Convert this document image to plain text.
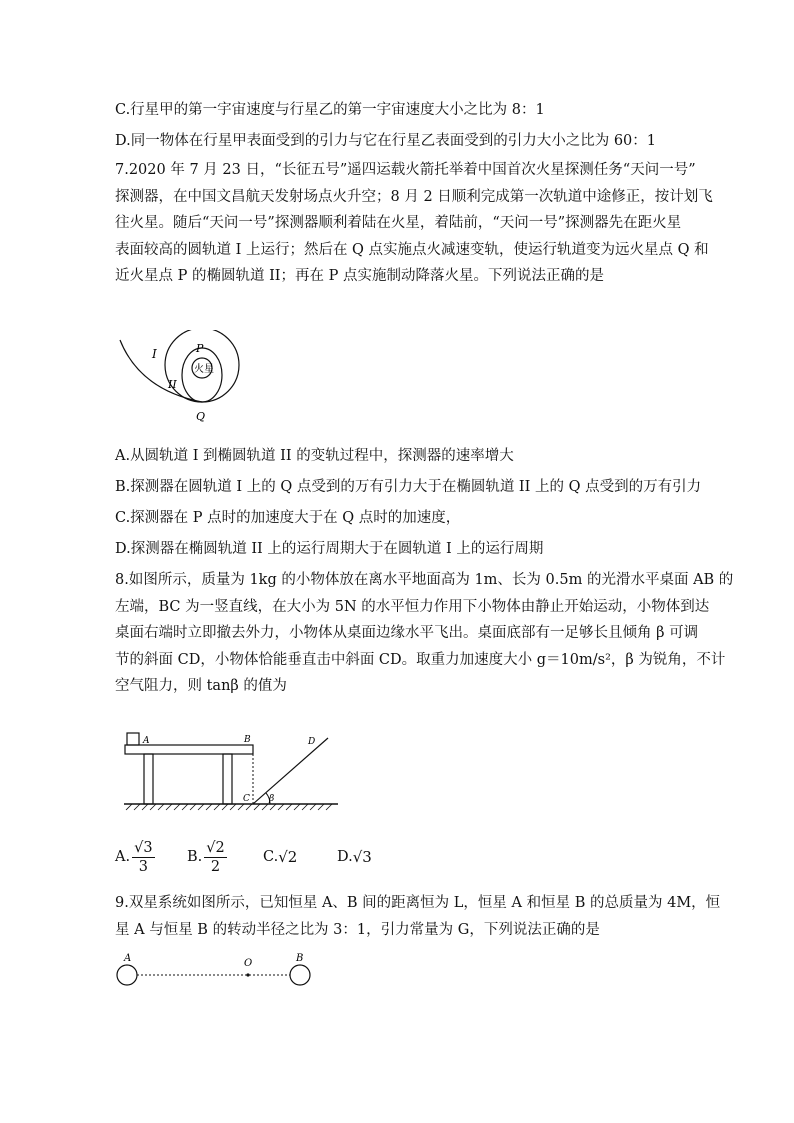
C.行星甲的第一宇宙速度与行星乙的第一宇宙速度大小之比为 8：1
D.同一物体在行星甲表面受到的引力与它在行星乙表面受到的引力大小之比为 60：1
7.2020 年 7 月 23 日，“长征五号”遥四运载火箭托举着中国首次火星探测任务“天问一号”
探测器，在中国文昌航天发射场点火升空；8 月 2 日顺利完成第一次轨道中途修正，按计划飞
往火星。随后“天问一号”探测器顺利着陆在火星，着陆前，“天问一号”探测器先在距火星
表面较高的圆轨道 I 上运行；然后在 Q 点实施点火减速变轨，使运行轨道变为远火星点 Q 和
近火星点 P 的椭圆轨道 II；再在 P 点实施制动降落火星。下列说法正确的是
火星
I
II
P
Q
A.从圆轨道 I 到椭圆轨道 II 的变轨过程中，探测器的速率增大
B.探测器在圆轨道 I 上的 Q 点受到的万有引力大于在椭圆轨道 II 上的 Q 点受到的万有引力
C.探测器在 P 点时的加速度大于在 Q 点时的加速度，
D.探测器在椭圆轨道 II 上的运行周期大于在圆轨道 I 上的运行周期
8.如图所示，质量为 1kg 的小物体放在离水平地面高为 1m、长为 0.5m 的光滑水平桌面 AB 的
左端，BC 为一竖直线，在大小为 5N 的水平恒力作用下小物体由静止开始运动，小物体到达
桌面右端时立即撤去外力，小物体从桌面边缘水平飞出。桌面底部有一足够长且倾角 β 可调
节的斜面 CD，小物体恰能垂直击中斜面 CD。取重力加速度大小 g＝10m/s²，β 为锐角，不计
空气阻力，则 tanβ 的值为
A	B
C
D
β
A. $\frac{√3}{3} B$. $\frac{√2}{2}$	C. √2	D. √3
9.双星系统如图所示，已知恒星 A、B 间的距离恒为 L，恒星 A 和恒星 B 的总质量为 4M，恒
星 A 与恒星 B 的转动半径之比为 3：1，引力常量为 G，下列说法正确的是
A	O	B
